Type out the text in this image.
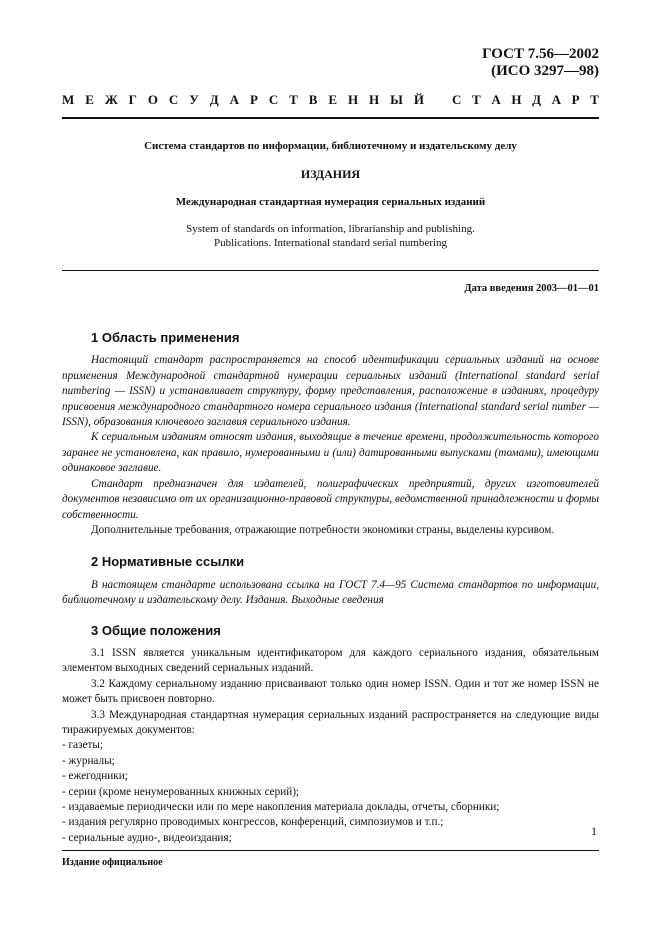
ГОСТ 7.56—2002
(ИСО 3297—98)
М Е Ж Г О С У Д А Р С Т В Е Н Н Ы Й С Т А Н Д А Р Т
Система стандартов по информации, библиотечному и издательскому делу
ИЗДАНИЯ
Международная стандартная нумерация сериальных изданий
System of standards on information, librarianship and publishing.
Publications. International standard serial numbering
Дата введения 2003—01—01
1 Область применения

Настоящий стандарт распространяется на способ идентификации сериальных изданий на основе применения Международной стандартной нумерации сериальных изданий (International standard serial numbering — ISSN) и устанавливает структуру, форму представления, расположение в изданиях, процедуру присвоения международного стандартного номера сериального издания (International standard serial number — ISSN), образования ключевого заглавия сериального издания.

К сериальным изданиям относят издания, выходящие в течение времени, продолжительность которого заранее не установлена, как правило, нумерованными и (или) датированными выпусками (томами), имеющими одинаковое заглавие.

Стандарт предназначен для издателей, полиграфических предприятий, других изготовителей документов независимо от их организационно-правовой структуры, ведомственной принадлежности и формы собственности.

Дополнительные требования, отражающие потребности экономики страны, выделены курсивом.

2 Нормативные ссылки

В настоящем стандарте использована ссылка на ГОСТ 7.4—95 Система стандартов по информации, библиотечному и издательскому делу. Издания. Выходные сведения

3 Общие положения

3.1 ISSN является уникальным идентификатором для каждого сериального издания, обязательным элементом выходных сведений сериальных изданий.

3.2 Каждому сериальному изданию присваивают только один номер ISSN. Один и тот же номер ISSN не может быть присвоен повторно.

3.3 Международная стандартная нумерация сериальных изданий распространяется на следующие виды тиражируемых документов:

- газеты;
- журналы;
- ежегодники;
- серии (кроме ненумерованных книжных серий);
- издаваемые периодически или по мере накопления материала доклады, отчеты, сборники;
- издания регулярно проводимых конгрессов, конференций, симпозиумов и т.п.;
- сериальные аудио-, видеоиздания;
Издание официальное
1
